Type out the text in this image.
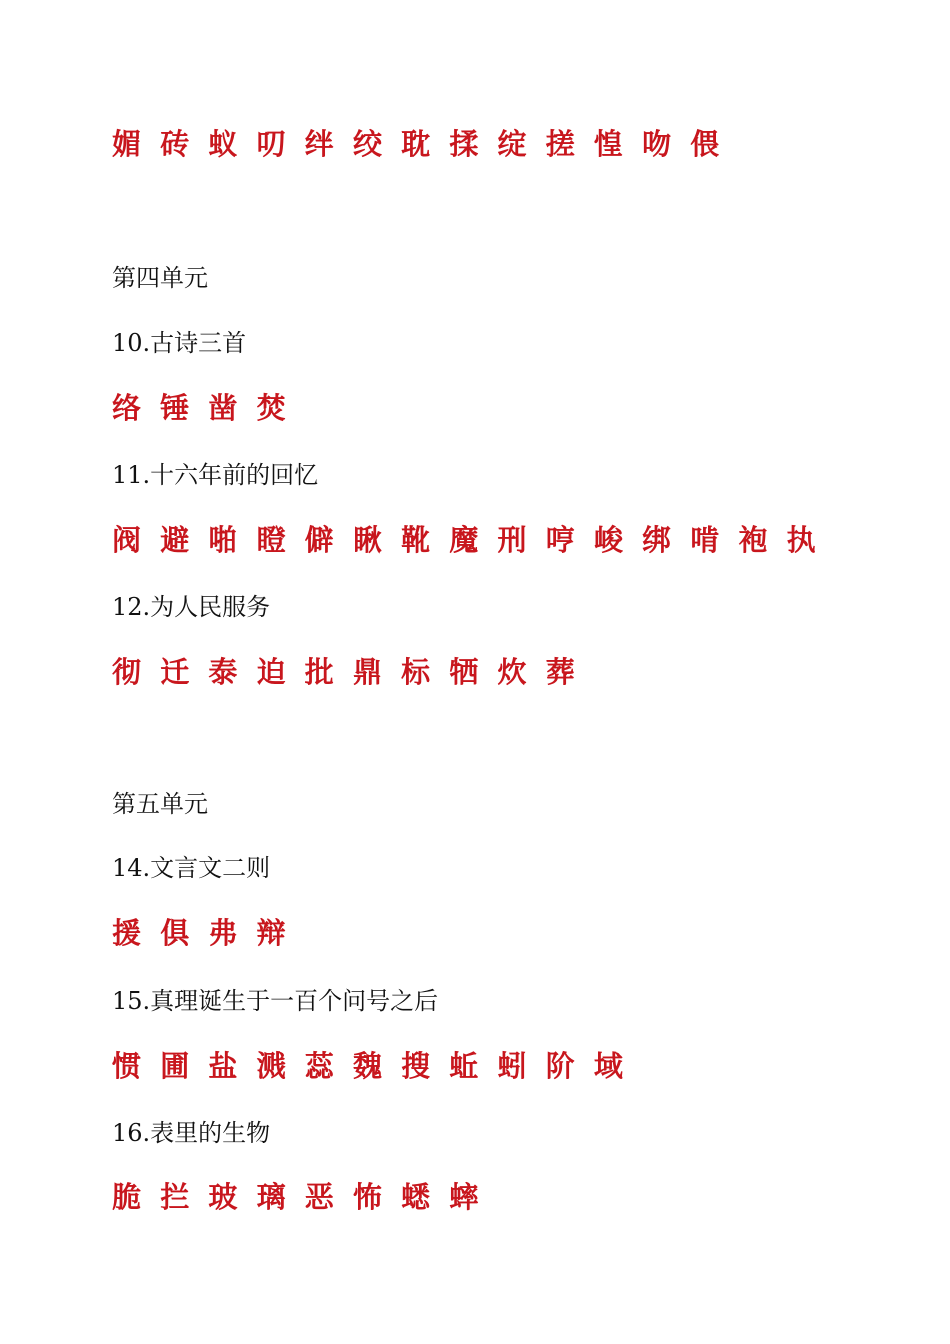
媚 砖 蚁 叨 绊 绞 耽 揉 绽 搓 惶 吻 偎
第四单元
10.古诗三首
络 锤 凿 焚
11.十六年前的回忆
阀 避 啪 瞪 僻 瞅 靴 魔 刑 哼 峻 绑 啃 袍 执
12.为人民服务
彻 迁 泰 迫 批 鼎 标 牺 炊 葬
第五单元
14.文言文二则
援 俱 弗 辩
15.真理诞生于一百个问号之后
惯 圃 盐 溅 蕊 魏 搜 蚯 蚓 阶 域
16.表里的生物
脆 拦 玻 璃 恶 怖 蟋 蟀
